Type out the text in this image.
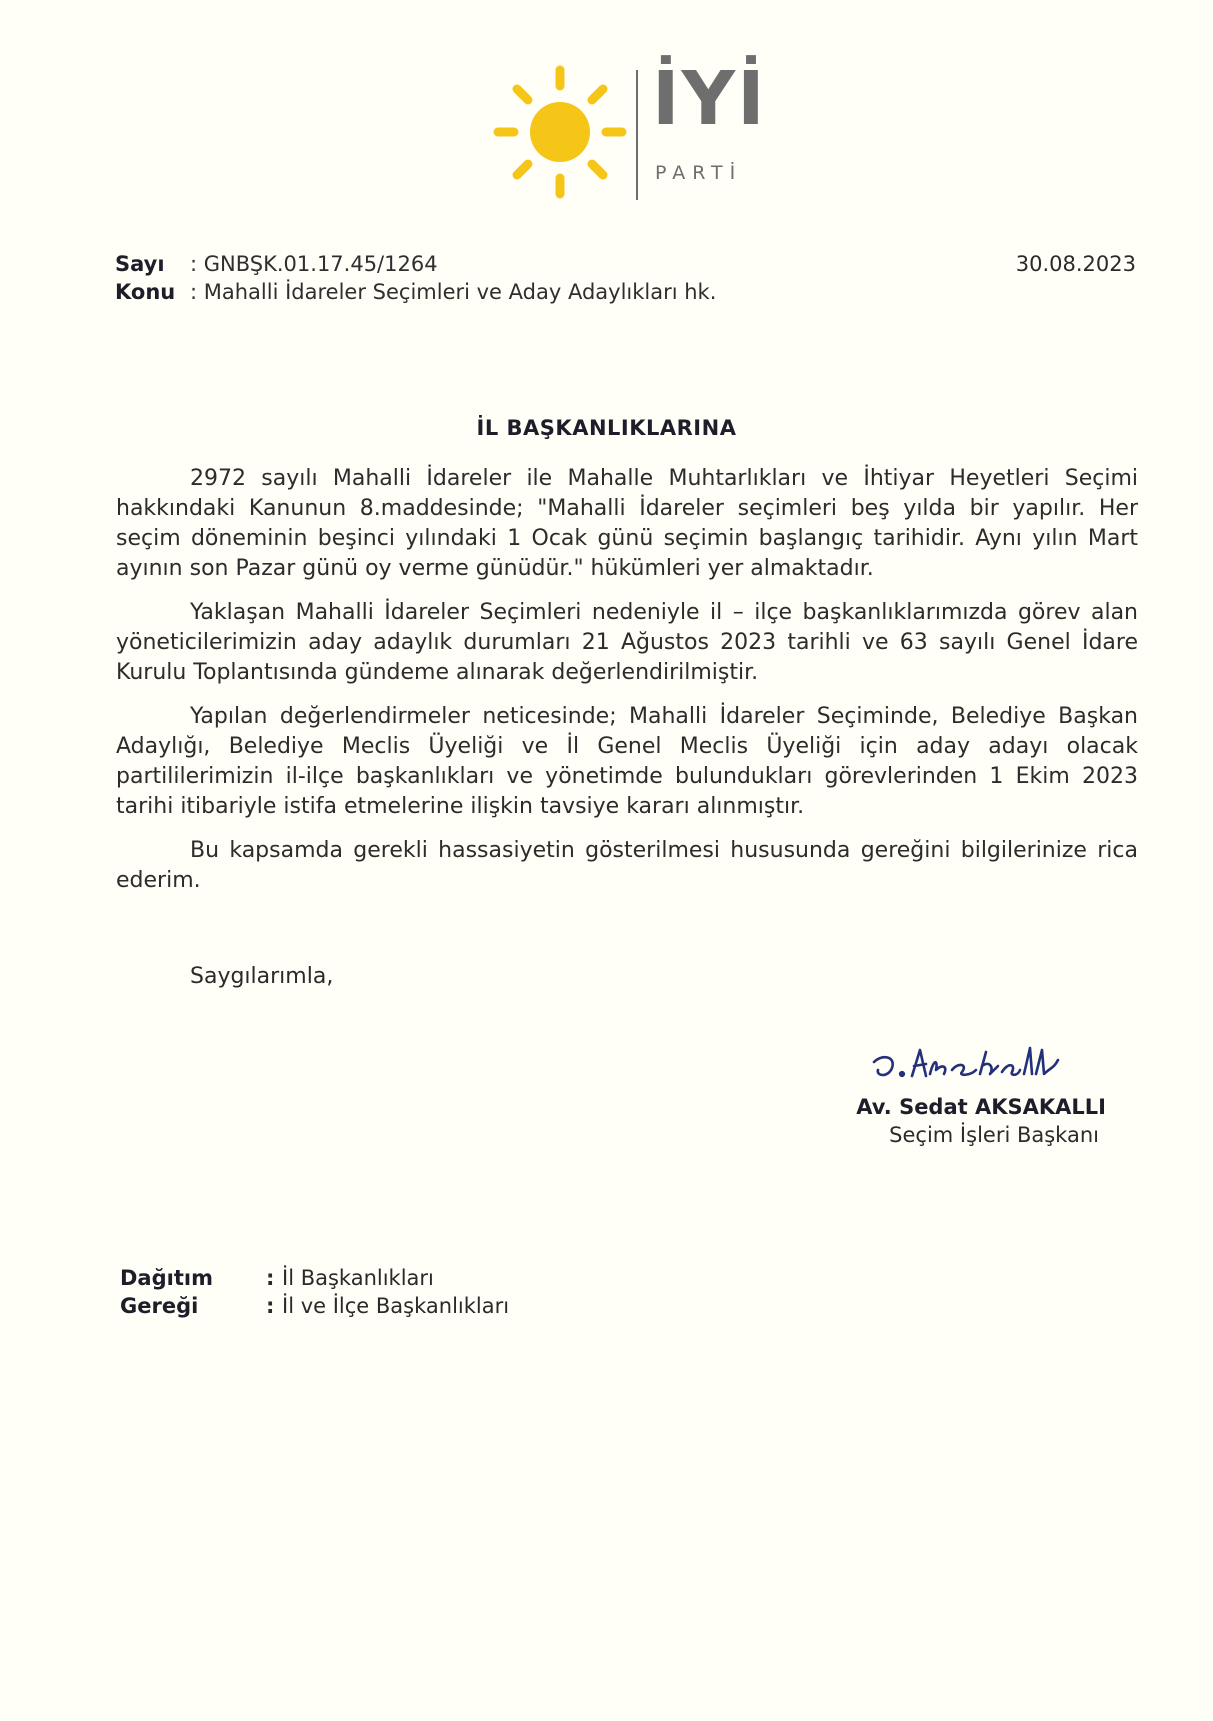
İYİ
PARTİ
Sayı	: GNBŞK.01.17.45/1264
Konu : Mahalli İdareler Seçimleri ve Aday Adaylıkları hk.
30.08.2023
İL BAŞKANLIKLARINA

2972 sayılı Mahalli İdareler ile Mahalle Muhtarlıkları ve İhtiyar Heyetleri Seçimi hakkındaki Kanunun 8.maddesinde; "Mahalli İdareler seçimleri beş yılda bir yapılır. Her seçim döneminin beşinci yılındaki 1 Ocak günü seçimin başlangıç tarihidir. Aynı yılın Mart ayının son Pazar günü oy verme günüdür." hükümleri yer almaktadır.

Yaklaşan Mahalli İdareler Seçimleri nedeniyle il – ilçe başkanlıklarımızda görev alan yöneticilerimizin aday adaylık durumları 21 Ağustos 2023 tarihli ve 63 sayılı Genel İdare Kurulu Toplantısında gündeme alınarak değerlendirilmiştir.

Yapılan değerlendirmeler neticesinde; Mahalli İdareler Seçiminde, Belediye Başkan Adaylığı, Belediye Meclis Üyeliği ve İl Genel Meclis Üyeliği için aday adayı olacak partililerimizin il-ilçe başkanlıkları ve yönetimde bulundukları görevlerinden 1 Ekim 2023 tarihi itibariyle istifa etmelerine ilişkin tavsiye kararı alınmıştır.

Bu kapsamda gerekli hassasiyetin gösterilmesi hususunda gereğini bilgilerinize rica ederim.

Saygılarımla,
Av. Sedat AKSAKALLI
Seçim İşleri Başkanı
Dağıtım	: İl Başkanlıkları
Gereği	: İl ve İlçe Başkanlıkları
